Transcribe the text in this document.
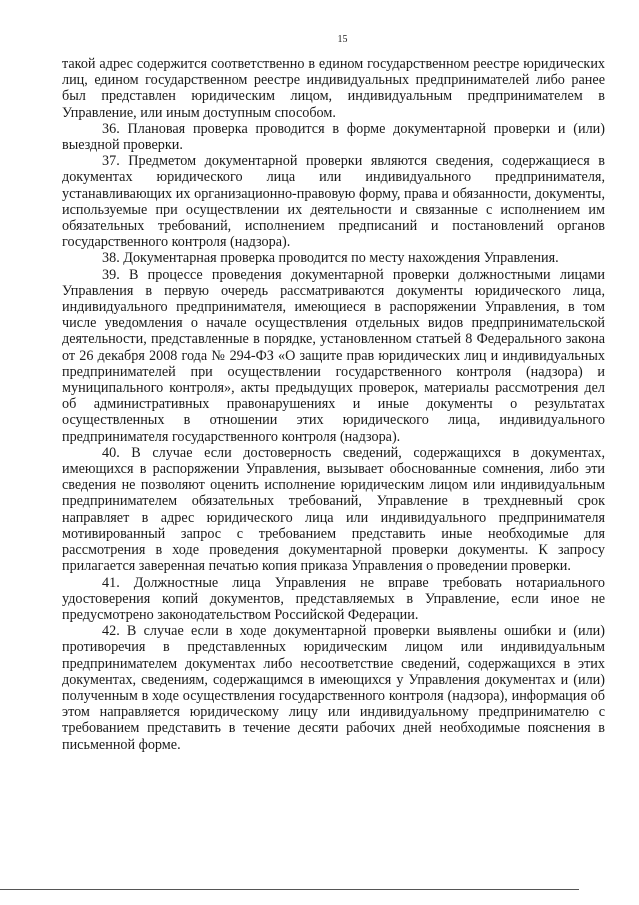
15

такой адрес содержится соответственно в едином государственном реестре юридических лиц, едином государственном реестре индивидуальных предпринимателей либо ранее был представлен юридическим лицом, индивидуальным предпринимателем в Управление, или иным доступным способом.

36. Плановая проверка проводится в форме документарной проверки и (или) выездной проверки.

37. Предметом документарной проверки являются сведения, содержащиеся в документах юридического лица или индивидуального предпринимателя, устанавливающих их организационно-правовую форму, права и обязанности, документы, используемые при осуществлении их деятельности и связанные с исполнением им обязательных требований, исполнением предписаний и постановлений органов государственного контроля (надзора).

38. Документарная проверка проводится по месту нахождения Управления.

39. В процессе проведения документарной проверки должностными лицами Управления в первую очередь рассматриваются документы юридического лица, индивидуального предпринимателя, имеющиеся в распоряжении Управления, в том числе уведомления о начале осуществления отдельных видов предпринимательской деятельности, представленные в порядке, установленном статьей 8 Федерального закона от 26 декабря 2008 года № 294-ФЗ «О защите прав юридических лиц и индивидуальных предпринимателей при осуществлении государственного контроля (надзора) и муниципального контроля», акты предыдущих проверок, материалы рассмотрения дел об административных правонарушениях и иные документы о результатах осуществленных в отношении этих юридического лица, индивидуального предпринимателя государственного контроля (надзора).

40. В случае если достоверность сведений, содержащихся в документах, имеющихся в распоряжении Управления, вызывает обоснованные сомнения, либо эти сведения не позволяют оценить исполнение юридическим лицом или индивидуальным предпринимателем обязательных требований, Управление в трехдневный срок направляет в адрес юридического лица или индивидуального предпринимателя мотивированный запрос с требованием представить иные необходимые для рассмотрения в ходе проведения документарной проверки документы. К запросу прилагается заверенная печатью копия приказа Управления о проведении проверки.

41. Должностные лица Управления не вправе требовать нотариального удостоверения копий документов, представляемых в Управление, если иное не предусмотрено законодательством Российской Федерации.

42. В случае если в ходе документарной проверки выявлены ошибки и (или) противоречия в представленных юридическим лицом или индивидуальным предпринимателем документах либо несоответствие сведений, содержащихся в этих документах, сведениям, содержащимся в имеющихся у Управления документах и (или) полученным в ходе осуществления государственного контроля (надзора), информация об этом направляется юридическому лицу или индивидуальному предпринимателю с требованием представить в течение десяти рабочих дней необходимые пояснения в письменной форме.
